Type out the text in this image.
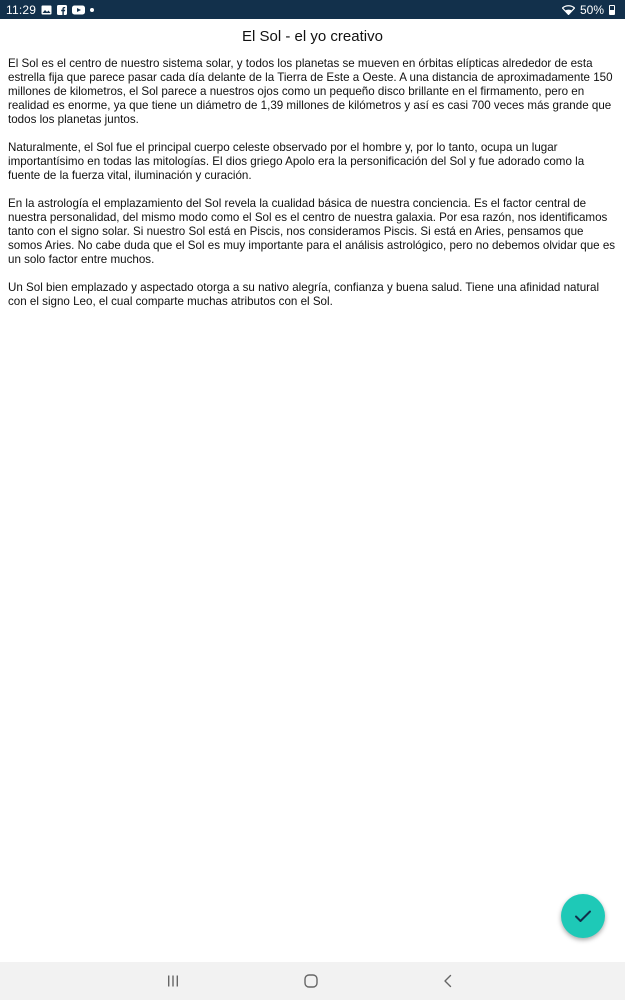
11:29	50%
El Sol - el yo creativo

El Sol es el centro de nuestro sistema solar, y todos los planetas se mueven en órbitas elípticas alrededor de esta estrella fija que parece pasar cada día delante de la Tierra de Este a Oeste. A una distancia de aproximadamente 150 millones de kilometros, el Sol parece a nuestros ojos como un pequeño disco brillante en el firmamento, pero en realidad es enorme, ya que tiene un diámetro de 1,39 millones de kilómetros y así es casi 700 veces más grande que todos los planetas juntos.

Naturalmente, el Sol fue el principal cuerpo celeste observado por el hombre y, por lo tanto, ocupa un lugar importantísimo en todas las mitologías. El dios griego Apolo era la personificación del Sol y fue adorado como la fuente de la fuerza vital, iluminación y curación.

En la astrología el emplazamiento del Sol revela la cualidad básica de nuestra conciencia. Es el factor central de nuestra personalidad, del mismo modo como el Sol es el centro de nuestra galaxia. Por esa razón, nos identificamos tanto con el signo solar. Si nuestro Sol está en Piscis, nos consideramos Piscis. Si está en Aries, pensamos que somos Aries. No cabe duda que el Sol es muy importante para el análisis astrológico, pero no debemos olvidar que es un solo factor entre muchos.

Un Sol bien emplazado y aspectado otorga a su nativo alegría, confianza y buena salud. Tiene una afinidad natural con el signo Leo, el cual comparte muchas atributos con el Sol.
